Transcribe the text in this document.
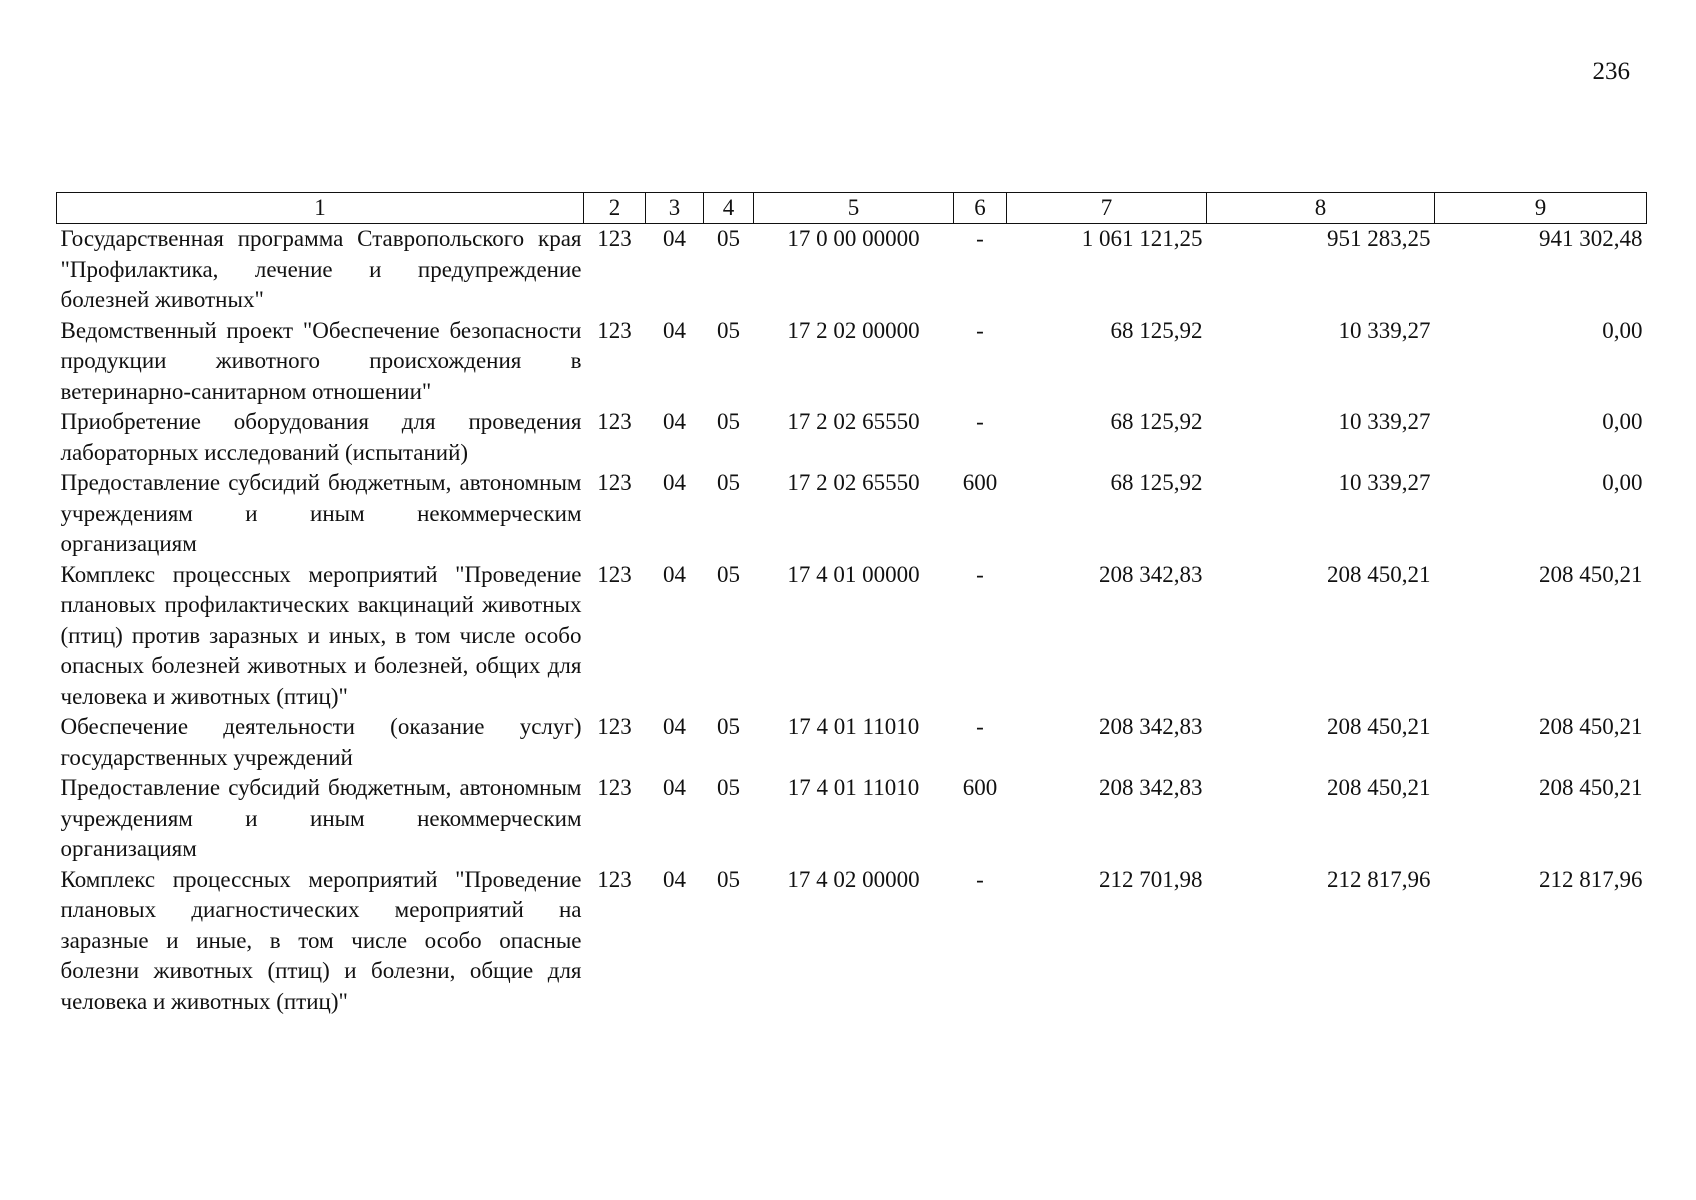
236
1	2	3	4	5	6	7	8	9
Государственная программа Ставропольского края "Профилактика, лечение и предупреждение болезней животных"	123	04	05	17 0 00 00000	-	1 061 121,25	951 283,25	941 302,48
Ведомственный проект "Обеспечение безопасности продукции животного происхождения в ветеринарно-санитарном отношении"	123	04	05	17 2 02 00000	-	68 125,92	10 339,27	0,00
Приобретение оборудования для проведения лабораторных исследований (испытаний)	123	04	05	17 2 02 65550	-	68 125,92	10 339,27	0,00
Предоставление субсидий бюджетным, автономным учреждениям и иным некоммерческим организациям	123	04	05	17 2 02 65550	600	68 125,92	10 339,27	0,00
Комплекс процессных мероприятий "Проведение плановых профилактических вакцинаций животных (птиц) против заразных и иных, в том числе особо опасных болезней животных и болезней, общих для человека и животных (птиц)"	123	04	05	17 4 01 00000	-	208 342,83	208 450,21	208 450,21
Обеспечение деятельности (оказание услуг) государственных учреждений	123	04	05	17 4 01 11010	-	208 342,83	208 450,21	208 450,21
Предоставление субсидий бюджетным, автономным учреждениям и иным некоммерческим организациям	123	04	05	17 4 01 11010	600	208 342,83	208 450,21	208 450,21
Комплекс процессных мероприятий "Проведение плановых диагностических мероприятий на заразные и иные, в том числе особо опасные болезни животных (птиц) и болезни, общие для человека и животных (птиц)"	123	04	05	17 4 02 00000	-	212 701,98	212 817,96	212 817,96
